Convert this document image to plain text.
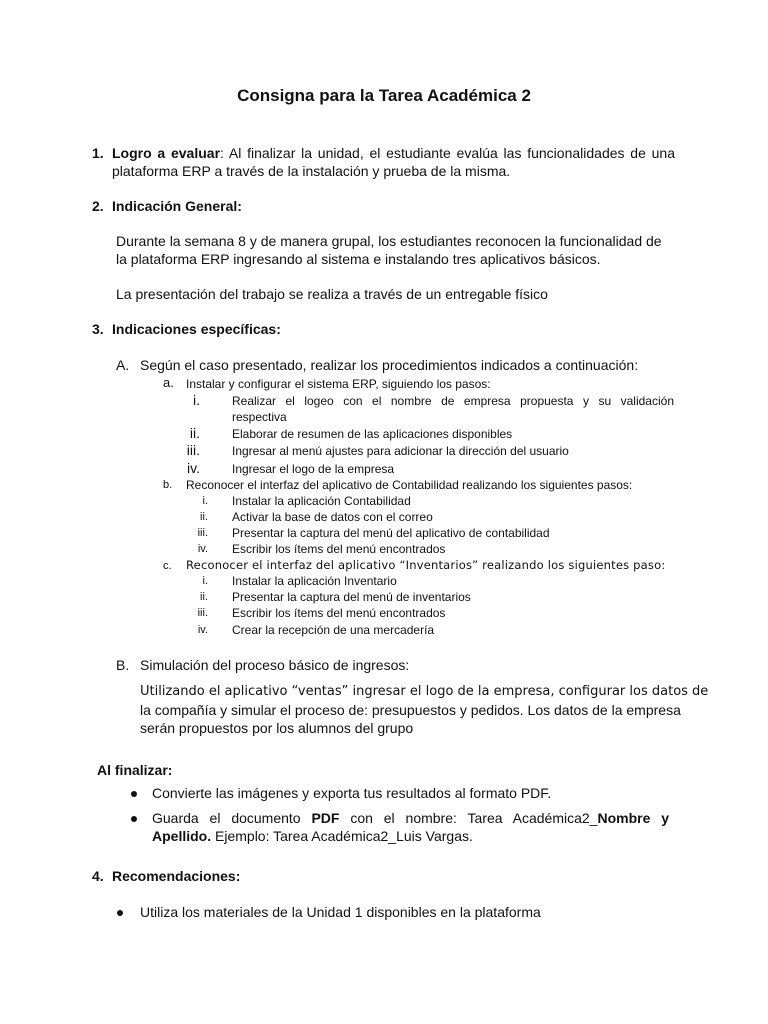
Consigna para la Tarea Académica 2
1. Logro a evaluar: Al finalizar la unidad, el estudiante evalúa las funcionalidades de una
plataforma ERP a través de la instalación y prueba de la misma.
2. Indicación General:
Durante la semana 8 y de manera grupal, los estudiantes reconocen la funcionalidad de
la plataforma ERP ingresando al sistema e instalando tres aplicativos básicos.
La presentación del trabajo se realiza a través de un entregable físico
3. Indicaciones específicas:
A. Según el caso presentado, realizar los procedimientos indicados a continuación:
a. Instalar y configurar el sistema ERP, siguiendo los pasos:
i.	Realizar el logeo con el nombre de empresa propuesta y su validación
respectiva
ii.	Elaborar de resumen de las aplicaciones disponibles
iii.	Ingresar al menú ajustes para adicionar la dirección del usuario
iv.	Ingresar el logo de la empresa
b. Reconocer el interfaz del aplicativo de Contabilidad realizando los siguientes pasos:
i. Instalar la aplicación Contabilidad
ii. Activar la base de datos con el correo
iii. Presentar la captura del menú del aplicativo de contabilidad
iv. Escribir los ítems del menú encontrados
c. Reconocer el interfaz del aplicativo “Inventarios” realizando los siguientes paso:
i. Instalar la aplicación Inventario
ii. Presentar la captura del menú de inventarios
iii. Escribir los ítems del menú encontrados
iv. Crear la recepción de una mercadería
B. Simulación del proceso básico de ingresos:
Utilizando el aplicativo “ventas” ingresar el logo de la empresa, configurar los datos de
la compañía y simular el proceso de: presupuestos y pedidos. Los datos de la empresa
serán propuestos por los alumnos del grupo
Al finalizar:
Convierte las imágenes y exporta tus resultados al formato PDF.
Guarda el documento PDF con el nombre: Tarea Académica2_Nombre y
Apellido. Ejemplo: Tarea Académica2_Luis Vargas.
4. Recomendaciones:
Utiliza los materiales de la Unidad 1 disponibles en la plataforma
